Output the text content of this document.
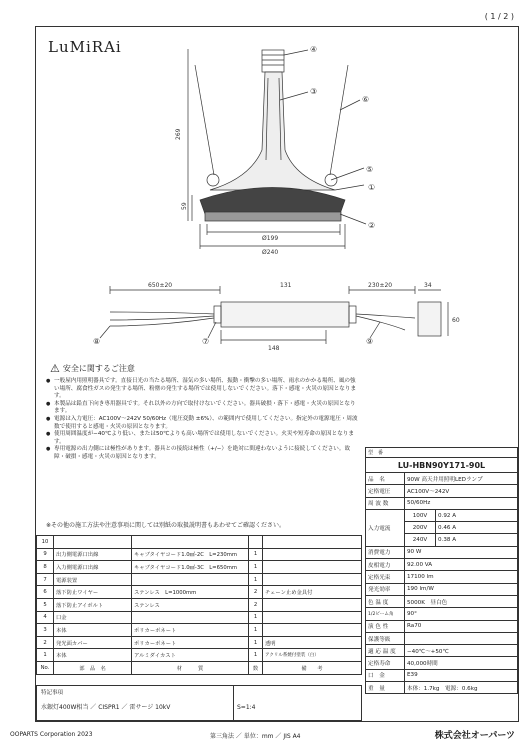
( 1 / 2 )
LuMiRAi
269
59
Ø199
Ø240
650±20	131	230±20
148
34
60
①
②
③
④
⑤
⑥
⑦
⑧	⑨
⚠ 安全に関するご注意
● 一般屋内用照明器具です。直接日光の当たる場所、湿気の多い場所、振動・衝撃の多い場所、雨水のかかる場所、風の強い場所、腐食性ガスの発生する場所、粉塵の発生する場所では使用しないでください。落下・感電・火災の原因となります。
● 本製品は鉛直下向き専用器具です。それ以外の方向で取付けないでください。器具破損・落下・感電・火災の原因となります。
● 電源は入力電圧：AC100V〜242V 50/60Hz（電圧変動 ±6%）、の範囲内で使用してください。指定外の電源電圧・周波数で使用すると感電・火災の原因となります。
● 使用周囲温度が−40℃より低い、または50℃よりも高い場所では使用しないでください。火災や短寿命の原因となります。
● 専用電源の出力側には極性があります。器具との接続は極性（+/−）を絶対に間違わないように接続してください。故障・破損・感電・火災の原因となります。
※その他の施工方法や注意事項に関しては別紙の取扱説明書もあわせてご確認ください。
10				
9	出力側電源口出線	キャブタイヤコード1.0㎟-2C　L=230mm	1	
8	入力側電源口出線	キャブタイヤコード1.0㎟-3C　L=650mm	1	
7	電源装置		1	
6	落下防止ワイヤー	ステンレス　L=1000mm	2	チェーン止め金具付
5	落下防止アイボルト	ステンレス	2	
4	口金		1	
3	本体	ポリカーボネート	1	
2	発光面カバー	ポリカーボネート	1	透明
1	本体	アルミダイカスト	1	アクリル系焼付塗装（白）
No.	部　品　名	材　　　質	数	備　　考
特記事項
水銀灯400W相当 ／ CISPR1 ／ 雷サージ 10kV	S=1:4
型　番		
LU-HBN90Y171-90L		
品　名	90W 高天井用照明LEDランプ	
定格電圧	AC100V〜242V	
周 波 数	50/60Hz	
入力電流	100V	0.92 A
	200V	0.46 A
	240V	0.38 A
消費電力	90 W	
皮相電力	92.00 VA	
定格光束	17100 lm	
発光効率	190 lm/W	
色 温 度	5000K　昼白色	
1/2ビーム角	90°	
演 色 性	Ra70	
保護等級		
適 応 温 度	−40℃〜+50℃	
定格寿命	40,000時間	
口　金	E39	
重　量	本体：1.7kg　電源：0.6kg	
OOPARTS Corporation 2023	第三角法 ／ 単位：mm ／ JIS A4	株式会社オーパーツ
